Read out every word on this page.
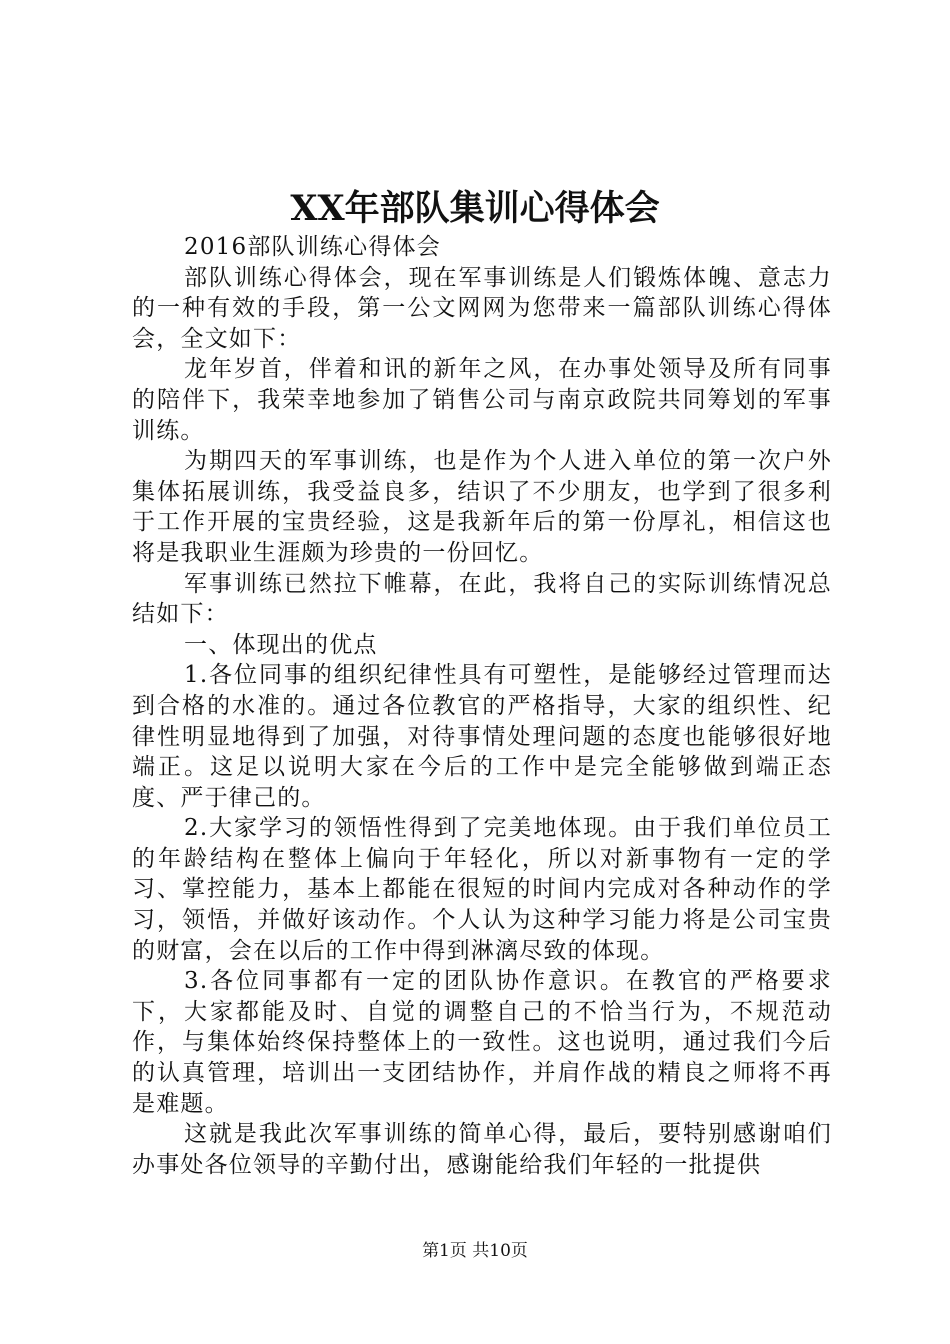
XX年部队集训心得体会

2016部队训练心得体会

部队训练心得体会，现在军事训练是人们锻炼体魄、意志力的一种有效的手段，第一公文网网为您带来一篇部队训练心得体会，全文如下：

龙年岁首，伴着和讯的新年之风，在办事处领导及所有同事的陪伴下，我荣幸地参加了销售公司与南京政院共同筹划的军事训练。

为期四天的军事训练，也是作为个人进入单位的第一次户外集体拓展训练，我受益良多，结识了不少朋友，也学到了很多利于工作开展的宝贵经验，这是我新年后的第一份厚礼，相信这也将是我职业生涯颇为珍贵的一份回忆。

军事训练已然拉下帷幕，在此，我将自己的实际训练情况总结如下：

一、体现出的优点

1.各位同事的组织纪律性具有可塑性，是能够经过管理而达到合格的水准的。通过各位教官的严格指导，大家的组织性、纪律性明显地得到了加强，对待事情处理问题的态度也能够很好地端正。这足以说明大家在今后的工作中是完全能够做到端正态度、严于律己的。

2.大家学习的领悟性得到了完美地体现。由于我们单位员工的年龄结构在整体上偏向于年轻化，所以对新事物有一定的学习、掌控能力，基本上都能在很短的时间内完成对各种动作的学习，领悟，并做好该动作。个人认为这种学习能力将是公司宝贵的财富，会在以后的工作中得到淋漓尽致的体现。

3.各位同事都有一定的团队协作意识。在教官的严格要求下，大家都能及时、自觉的调整自己的不恰当行为，不规范动作，与集体始终保持整体上的一致性。这也说明，通过我们今后的认真管理，培训出一支团结协作，并肩作战的精良之师将不再是难题。

这就是我此次军事训练的简单心得，最后，要特别感谢咱们办事处各位领导的辛勤付出，感谢能给我们年轻的一批提供

第1页 共10页
